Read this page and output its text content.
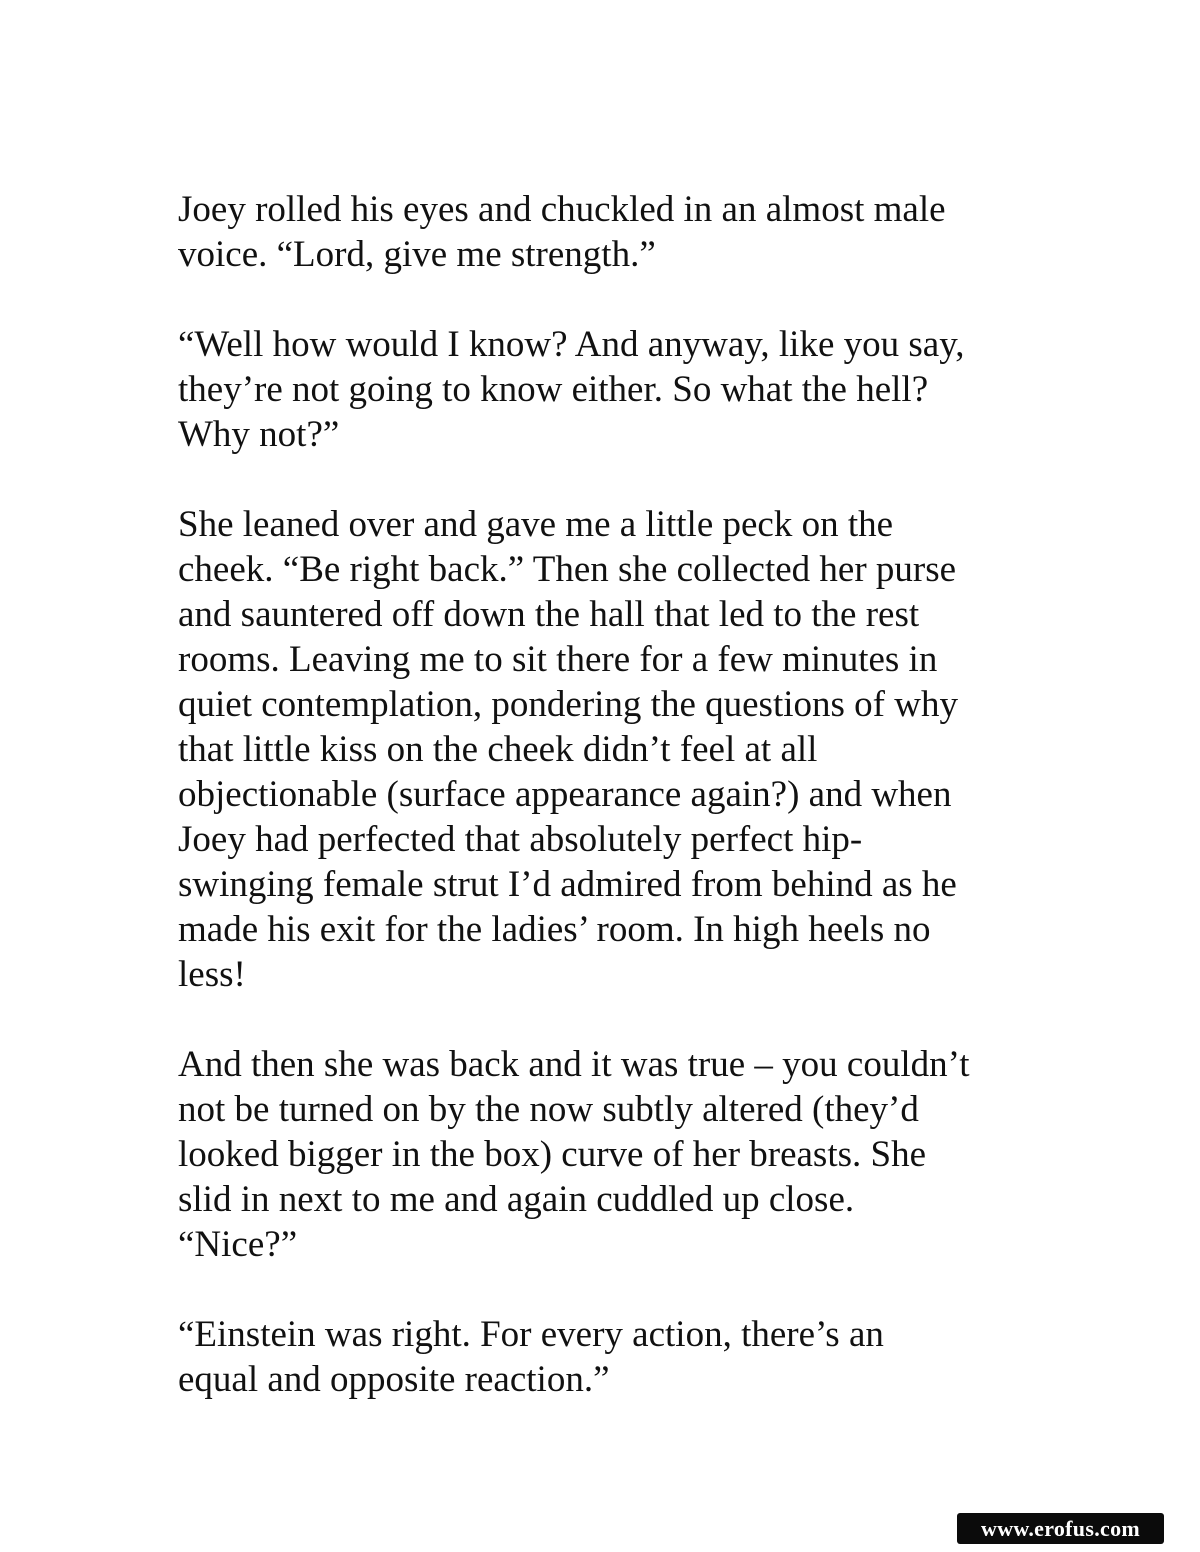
Joey rolled his eyes and chuckled in an almost male
voice. “Lord, give me strength.”
“Well how would I know? And anyway, like you say,
they’re not going to know either. So what the hell?
Why not?”
She leaned over and gave me a little peck on the
cheek. “Be right back.” Then she collected her purse
and sauntered off down the hall that led to the rest
rooms. Leaving me to sit there for a few minutes in
quiet contemplation, pondering the questions of why
that little kiss on the cheek didn’t feel at all
objectionable (surface appearance again?) and when
Joey had perfected that absolutely perfect hip-
swinging female strut I’d admired from behind as he
made his exit for the ladies’ room. In high heels no
less!
And then she was back and it was true – you couldn’t
not be turned on by the now subtly altered (they’d
looked bigger in the box) curve of her breasts. She
slid in next to me and again cuddled up close.
“Nice?”
“Einstein was right. For every action, there’s an
equal and opposite reaction.”
www.erofus.com
